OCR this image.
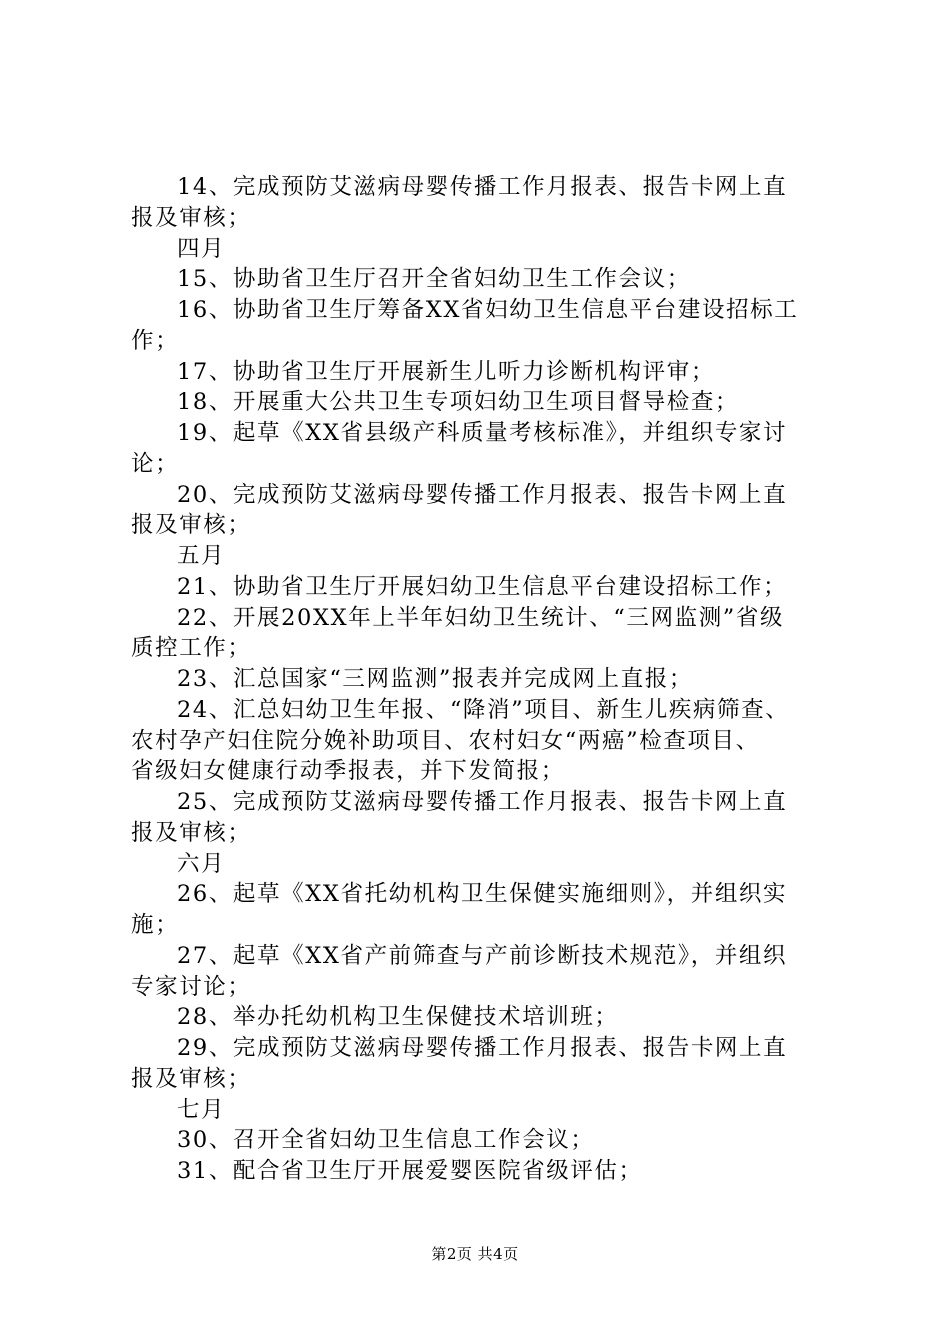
14、完成预防艾滋病母婴传播工作月报表、报告卡网上直
报及审核；
四月
15、协助省卫生厅召开全省妇幼卫生工作会议；
16、协助省卫生厅筹备XX省妇幼卫生信息平台建设招标工
作；
17、协助省卫生厅开展新生儿听力诊断机构评审；
18、开展重大公共卫生专项妇幼卫生项目督导检查；
19、起草《XX省县级产科质量考核标准》，并组织专家讨
论；
20、完成预防艾滋病母婴传播工作月报表、报告卡网上直
报及审核；
五月
21、协助省卫生厅开展妇幼卫生信息平台建设招标工作；
22、开展20XX年上半年妇幼卫生统计、“三网监测”省级
质控工作；
23、汇总国家“三网监测”报表并完成网上直报；
24、汇总妇幼卫生年报、“降消”项目、新生儿疾病筛查、
农村孕产妇住院分娩补助项目、农村妇女“两癌”检查项目、
省级妇女健康行动季报表，并下发简报；
25、完成预防艾滋病母婴传播工作月报表、报告卡网上直
报及审核；
六月
26、起草《XX省托幼机构卫生保健实施细则》，并组织实
施；
27、起草《XX省产前筛查与产前诊断技术规范》，并组织
专家讨论；
28、举办托幼机构卫生保健技术培训班；
29、完成预防艾滋病母婴传播工作月报表、报告卡网上直
报及审核；
七月
30、召开全省妇幼卫生信息工作会议；
31、配合省卫生厅开展爱婴医院省级评估；
第2页 共4页
